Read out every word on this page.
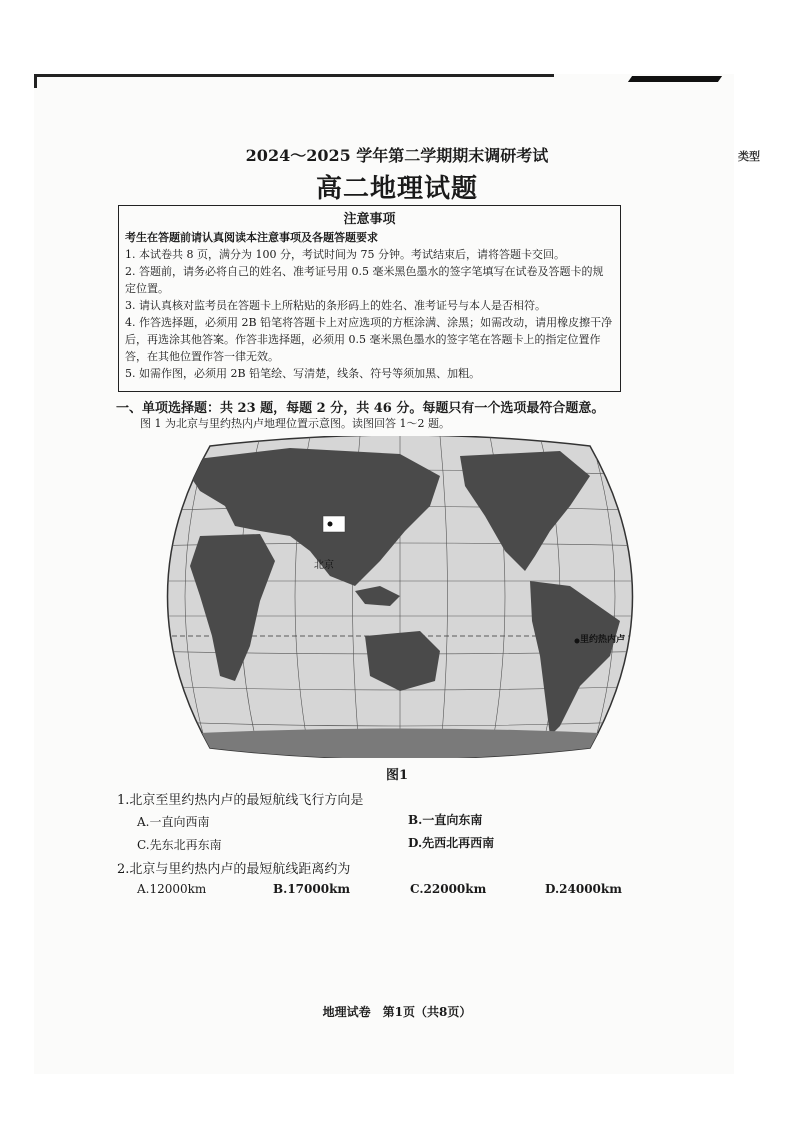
类型
2024～2025 学年第二学期期末调研考试
高二地理试题
注意事项
考生在答题前请认真阅读本注意事项及各题答题要求

1. 本试卷共 8 页，满分为 100 分，考试时间为 75 分钟。考试结束后，请将答题卡交回。

2. 答题前，请务必将自己的姓名、准考证号用 0.5 毫米黑色墨水的签字笔填写在试卷及答题卡的规定位置。

3. 请认真核对监考员在答题卡上所粘贴的条形码上的姓名、准考证号与本人是否相符。

4. 作答选择题，必须用 2B 铅笔将答题卡上对应选项的方框涂满、涂黑；如需改动，请用橡皮擦干净后，再选涂其他答案。作答非选择题，必须用 0.5 毫米黑色墨水的签字笔在答题卡上的指定位置作答，在其他位置作答一律无效。

5. 如需作图，必须用 2B 铅笔绘、写清楚，线条、符号等须加黑、加粗。

一、单项选择题：共 23 题，每题 2 分，共 46 分。每题只有一个选项最符合题意。
图 1 为北京与里约热内卢地理位置示意图。读图回答 1～2 题。
北京
里约热内卢
图1
1.北京至里约热内卢的最短航线飞行方向是
A.一直向西南	B.一直向东南
C.先东北再东南	D.先西北再西南
2.北京与里约热内卢的最短航线距离约为
A.12000km	B.17000km	C.22000km	D.24000km
地理试卷　第1页（共8页）
